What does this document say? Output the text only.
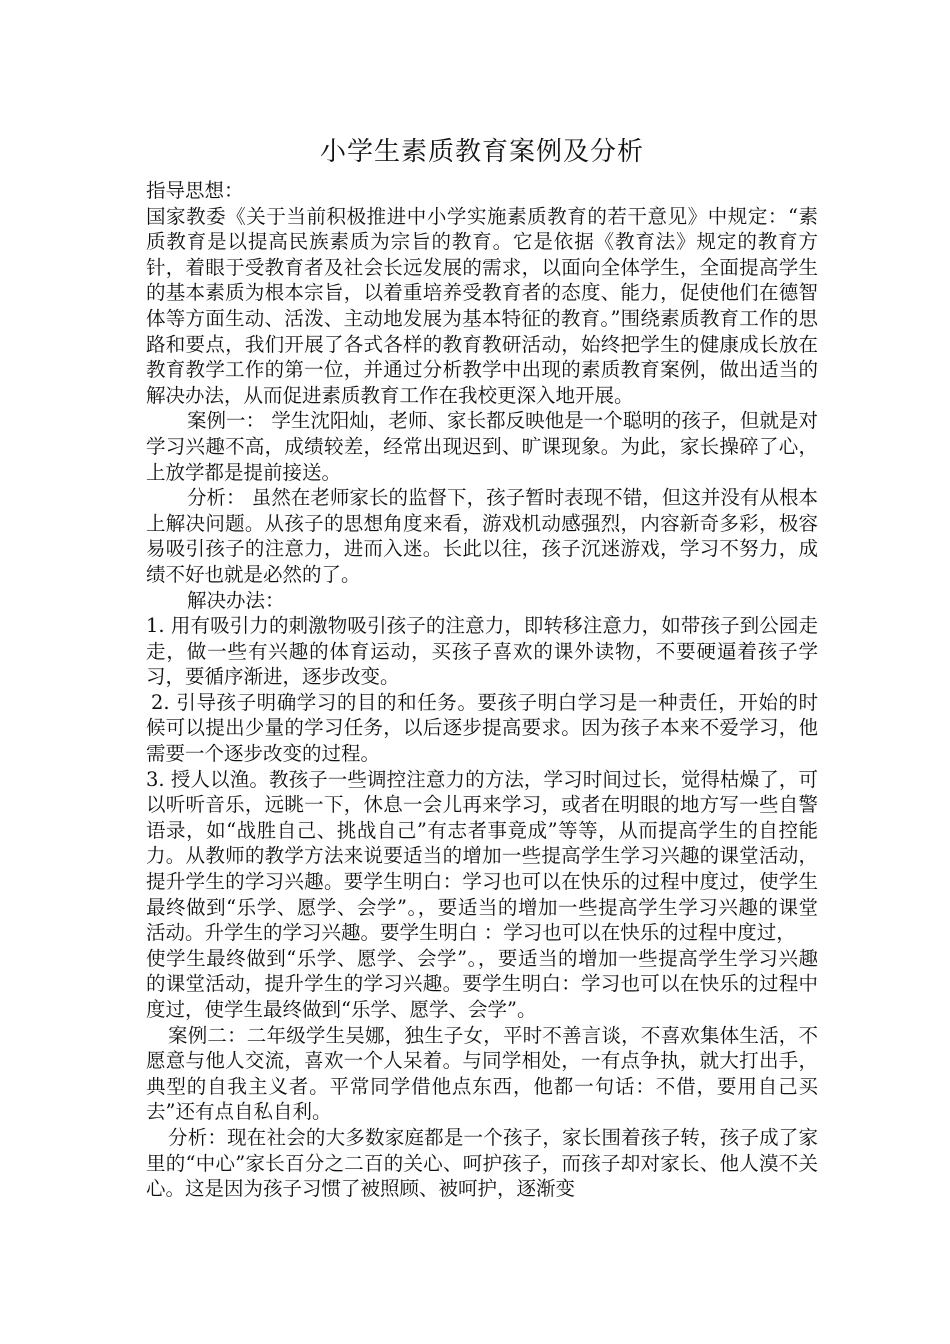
小学生素质教育案例及分析

指导思想：

国家教委《关于当前积极推进中小学实施素质教育的若干意见》中规定：“素质教育是以提高民族素质为宗旨的教育。它是依据《教育法》规定的教育方针，着眼于受教育者及社会长远发展的需求，以面向全体学生，全面提高学生的基本素质为根本宗旨，以着重培养受教育者的态度、能力，促使他们在德智体等方面生动、活泼、主动地发展为基本特征的教育。”围绕素质教育工作的思路和要点，我们开展了各式各样的教育教研活动，始终把学生的健康成长放在教育教学工作的第一位，并通过分析教学中出现的素质教育案例，做出适当的解决办法，从而促进素质教育工作在我校更深入地开展。

案例一： 学生沈阳灿，老师、家长都反映他是一个聪明的孩子，但就是对学习兴趣不高，成绩较差，经常出现迟到、旷课现象。为此，家长操碎了心，上放学都是提前接送。

分析： 虽然在老师家长的监督下，孩子暂时表现不错，但这并没有从根本上解决问题。从孩子的思想角度来看，游戏机动感强烈，内容新奇多彩，极容易吸引孩子的注意力，进而入迷。长此以往，孩子沉迷游戏，学习不努力，成绩不好也就是必然的了。

解决办法：

1. 用有吸引力的刺激物吸引孩子的注意力，即转移注意力，如带孩子到公园走走，做一些有兴趣的体育运动，买孩子喜欢的课外读物，不要硬逼着孩子学习，要循序渐进，逐步改变。

2. 引导孩子明确学习的目的和任务。要孩子明白学习是一种责任，开始的时候可以提出少量的学习任务，以后逐步提高要求。因为孩子本来不爱学习，他需要一个逐步改变的过程。

3. 授人以渔。教孩子一些调控注意力的方法，学习时间过长，觉得枯燥了，可以听听音乐，远眺一下，休息一会儿再来学习，或者在明眼的地方写一些自警语录，如“战胜自己、挑战自己”有志者事竟成”等等，从而提高学生的自控能力。从教师的教学方法来说要适当的增加一些提高学生学习兴趣的课堂活动，提升学生的学习兴趣。要学生明白：学习也可以在快乐的过程中度过，使学生最终做到“乐学、愿学、会学”。，要适当的增加一些提高学生学习兴趣的课堂活动。升学生的学习兴趣。要学生明白 ：学习也可以在快乐的过程中度过，

使学生最终做到“乐学、愿学、会学”。，要适当的增加一些提高学生学习兴趣的课堂活动，提升学生的学习兴趣。要学生明白：学习也可以在快乐的过程中度过，使学生最终做到“乐学、愿学、会学”。

案例二：二年级学生吴娜，独生子女，平时不善言谈，不喜欢集体生活，不愿意与他人交流，喜欢一个人呆着。与同学相处，一有点争执，就大打出手，典型的自我主义者。平常同学借他点东西，他都一句话：不借，要用自己买去”还有点自私自利。

分析：现在社会的大多数家庭都是一个孩子，家长围着孩子转，孩子成了家里的“中心”家长百分之二百的关心、呵护孩子，而孩子却对家长、他人漠不关心。这是因为孩子习惯了被照顾、被呵护，逐渐变
